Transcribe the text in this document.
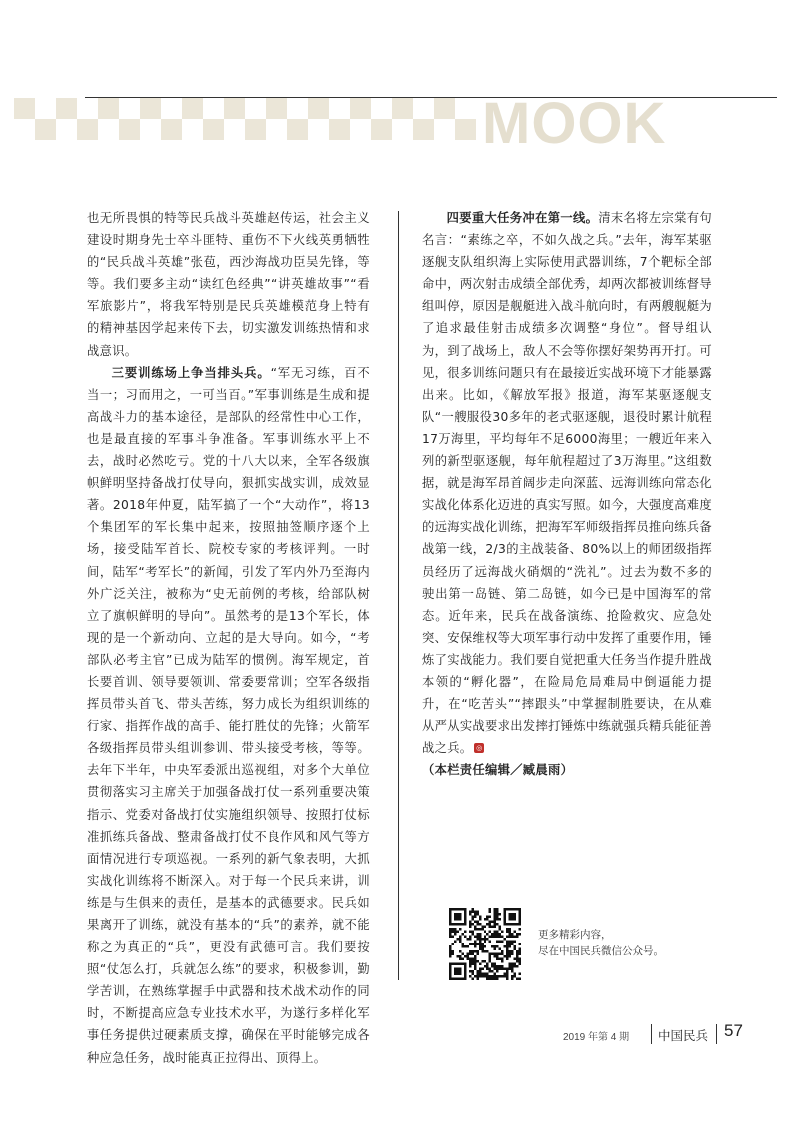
MOOK

也无所畏惧的特等民兵战斗英雄赵传运，社会主义建设时期身先士卒斗匪特、重伤不下火线英勇牺牲的“民兵战斗英雄”张苞，西沙海战功臣吴先锋，等等。我们要多主动“读红色经典”“讲英雄故事”“看军旅影片”，将我军特别是民兵英雄模范身上特有的精神基因学起来传下去，切实激发训练热情和求战意识。

三要训练场上争当排头兵。“军无习练，百不当一；习而用之，一可当百。”军事训练是生成和提高战斗力的基本途径，是部队的经常性中心工作，也是最直接的军事斗争准备。军事训练水平上不去，战时必然吃亏。党的十八大以来，全军各级旗帜鲜明坚持备战打仗导向，狠抓实战实训，成效显著。2018年仲夏，陆军搞了一个“大动作”，将13个集团军的军长集中起来，按照抽签顺序逐个上场，接受陆军首长、院校专家的考核评判。一时间，陆军“考军长”的新闻，引发了军内外乃至海内外广泛关注，被称为“史无前例的考核，给部队树立了旗帜鲜明的导向”。虽然考的是13个军长，体现的是一个新动向、立起的是大导向。如今，“考部队必考主官”已成为陆军的惯例。海军规定，首长要首训、领导要领训、常委要常训；空军各级指挥员带头首飞、带头苦练，努力成长为组织训练的行家、指挥作战的高手、能打胜仗的先锋；火箭军各级指挥员带头组训参训、带头接受考核，等等。去年下半年，中央军委派出巡视组，对多个大单位贯彻落实习主席关于加强备战打仗一系列重要决策指示、党委对备战打仗实施组织领导、按照打仗标准抓练兵备战、整肃备战打仗不良作风和风气等方面情况进行专项巡视。一系列的新气象表明，大抓实战化训练将不断深入。对于每一个民兵来讲，训练是与生俱来的责任，是基本的武德要求。民兵如果离开了训练，就没有基本的“兵”的素养，就不能称之为真正的“兵”，更没有武德可言。我们要按照“仗怎么打，兵就怎么练”的要求，积极参训，勤学苦训，在熟练掌握手中武器和技术战术动作的同时，不断提高应急专业技术水平，为遂行多样化军事任务提供过硬素质支撑，确保在平时能够完成各种应急任务，战时能真正拉得出、顶得上。

四要重大任务冲在第一线。清末名将左宗棠有句名言：“素练之卒，不如久战之兵。”去年，海军某驱逐舰支队组织海上实际使用武器训练，7个靶标全部命中，两次射击成绩全部优秀，却两次都被训练督导组叫停，原因是舰艇进入战斗航向时，有两艘舰艇为了追求最佳射击成绩多次调整“身位”。督导组认为，到了战场上，敌人不会等你摆好架势再开打。可见，很多训练问题只有在最接近实战环境下才能暴露出来。比如，《解放军报》报道，海军某驱逐舰支队“一艘服役30多年的老式驱逐舰，退役时累计航程17万海里，平均每年不足6000海里；一艘近年来入列的新型驱逐舰，每年航程超过了3万海里。”这组数据，就是海军昂首阔步走向深蓝、远海训练向常态化实战化体系化迈进的真实写照。如今，大强度高难度的远海实战化训练，把海军军师级指挥员推向练兵备战第一线，2/3的主战装备、80%以上的师团级指挥员经历了远海战火硝烟的“洗礼”。过去为数不多的驶出第一岛链、第二岛链，如今已是中国海军的常态。近年来，民兵在战备演练、抢险救灾、应急处突、安保维权等大项军事行动中发挥了重要作用，锤炼了实战能力。我们要自觉把重大任务当作提升胜战本领的“孵化器”，在险局危局难局中倒逼能力提升，在“吃苦头”“摔跟头”中掌握制胜要诀，在从难从严从实战要求出发摔打锤炼中练就强兵精兵能征善战之兵。 ◎

（本栏责任编辑／臧晨雨）

更多精彩内容，
尽在中国民兵微信公众号。
2019 年第 4 期 中国民兵 57
